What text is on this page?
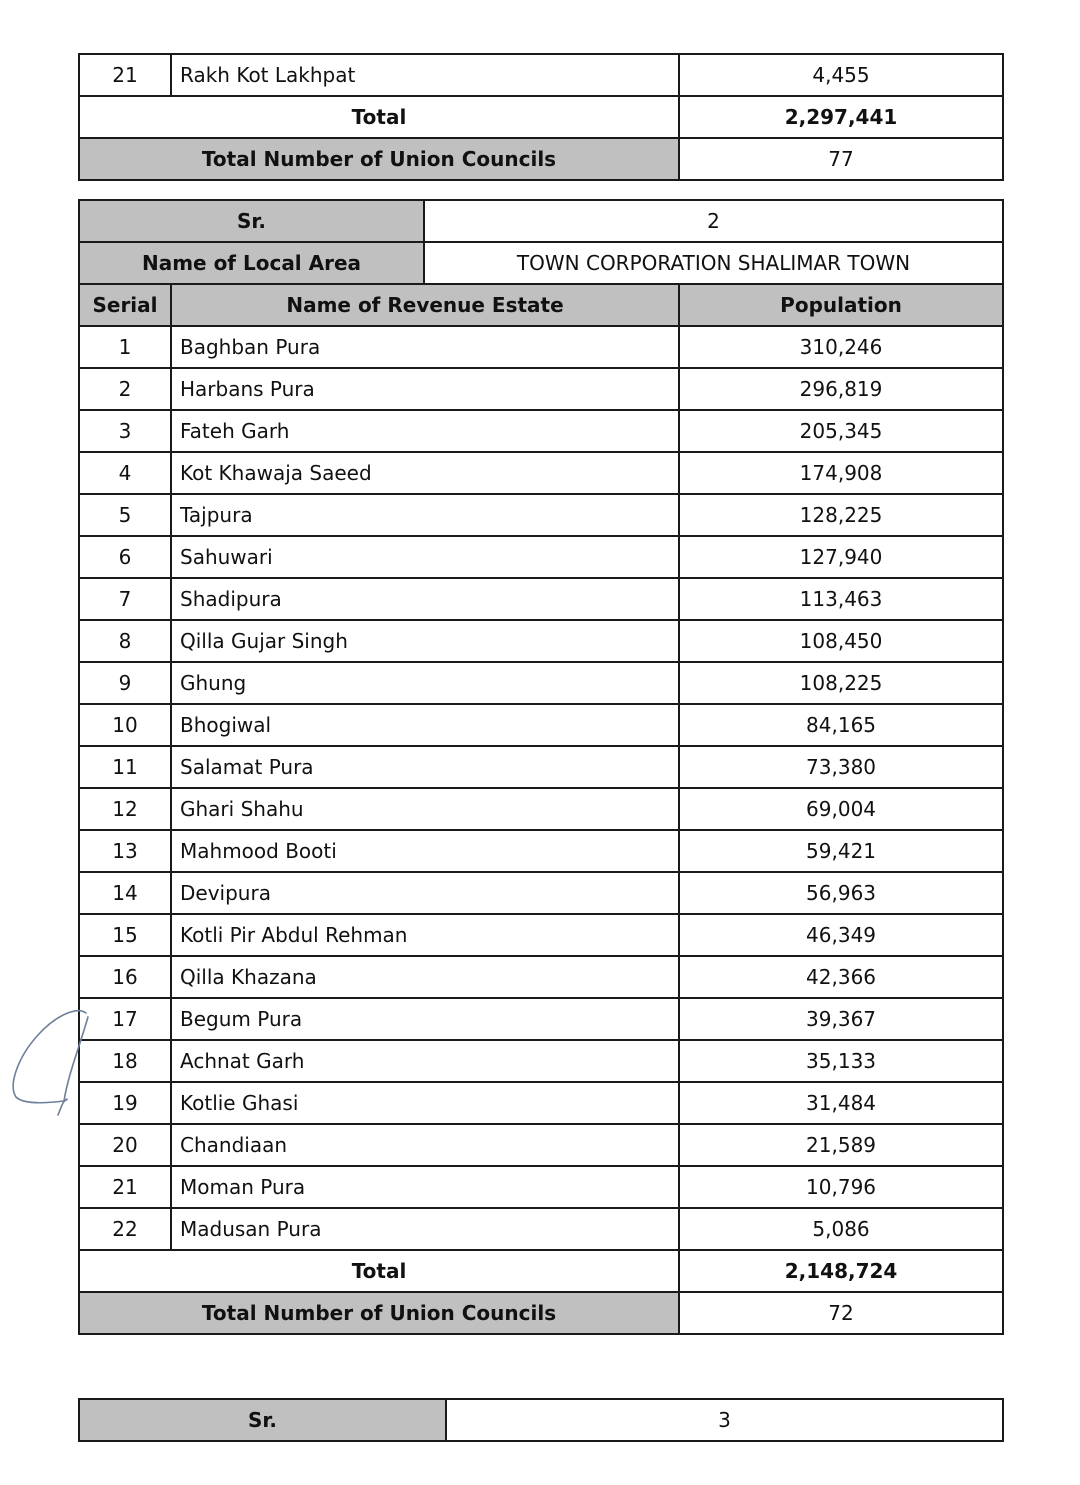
21	Rakh Kot Lakhpat	4,455
Total		2,297,441
Total Number of Union Councils		77
Sr.		2	
Name of Local Area		TOWN CORPORATION SHALIMAR TOWN	
Serial	Name of Revenue Estate		Population
1	Baghban Pura		310,246
2	Harbans Pura		296,819
3	Fateh Garh		205,345
4	Kot Khawaja Saeed		174,908
5	Tajpura		128,225
6	Sahuwari		127,940
7	Shadipura		113,463
8	Qilla Gujar Singh		108,450
9	Ghung		108,225
10	Bhogiwal		84,165
11	Salamat Pura		73,380
12	Ghari Shahu		69,004
13	Mahmood Booti		59,421
14	Devipura		56,963
15	Kotli Pir Abdul Rehman		46,349
16	Qilla Khazana		42,366
17	Begum Pura		39,367
18	Achnat Garh		35,133
19	Kotlie Ghasi		31,484
20	Chandiaan		21,589
21	Moman Pura		10,796
22	Madusan Pura		5,086
Total			2,148,724
Total Number of Union Councils			72
Sr.	3
